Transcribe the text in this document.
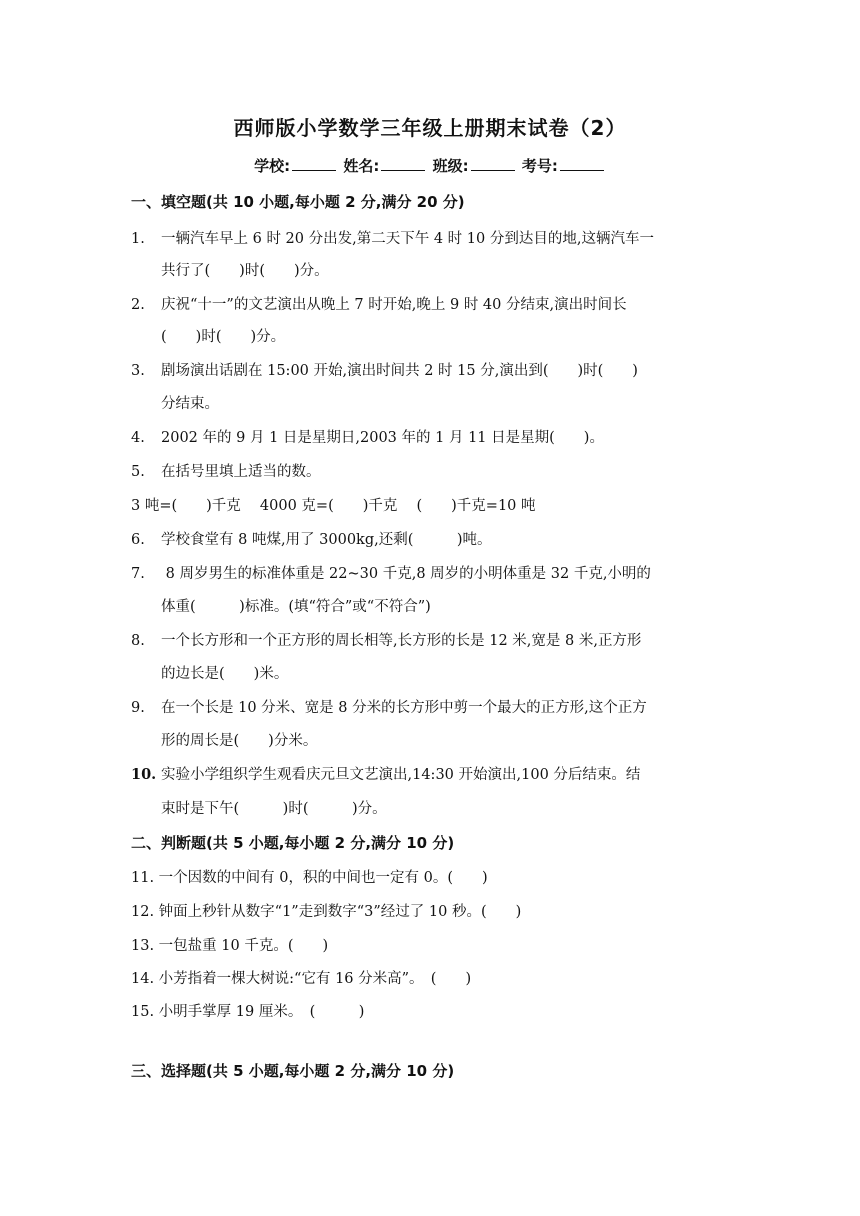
西师版小学数学三年级上册期末试卷（2）
学校:	姓名:	班级:	考号:
一、填空题(共 10 小题,每小题 2 分,满分 20 分)
1. 一辆汽车早上 6 时 20 分出发,第二天下午 4 时 10 分到达目的地,这辆汽车一
共行了(　　)时(　　)分。
2. 庆祝“十一”的文艺演出从晚上 7 时开始,晚上 9 时 40 分结束,演出时间长
(　　)时(　　)分。
3. 剧场演出话剧在 15:00 开始,演出时间共 2 时 15 分,演出到(　　)时(　　)
分结束。
4. 2002 年的 9 月 1 日是星期日,2003 年的 1 月 11 日是星期(　　)。
5. 在括号里填上适当的数。
3 吨=(　　)千克　 4000 克=(　　)千克　 (　　)千克=10 吨
6. 学校食堂有 8 吨煤,用了 3000kg,还剩(　　　)吨。
7. 8 周岁男生的标准体重是 22~30 千克,8 周岁的小明体重是 32 千克,小明的
体重(　　　)标准。(填“符合”或“不符合”)
8. 一个长方形和一个正方形的周长相等,长方形的长是 12 米,宽是 8 米,正方形
的边长是(　　)米。
9. 在一个长是 10 分米、宽是 8 分米的长方形中剪一个最大的正方形,这个正方
形的周长是(　　)分米。
10. 实验小学组织学生观看庆元旦文艺演出,14:30 开始演出,100 分后结束。结
束时是下午(　　　)时(　　　)分。
二、判断题(共 5 小题,每小题 2 分,满分 10 分)
11. 一个因数的中间有 0，积的中间也一定有 0。(　　)
12. 钟面上秒针从数字“1”走到数字“3”经过了 10 秒。(　　)
13. 一包盐重 10 千克。(　　)
14. 小芳指着一棵大树说:“它有 16 分米高”。　(　　)
15. 小明手掌厚 19 厘米。　(　　　)
三、选择题(共 5 小题,每小题 2 分,满分 10 分)
